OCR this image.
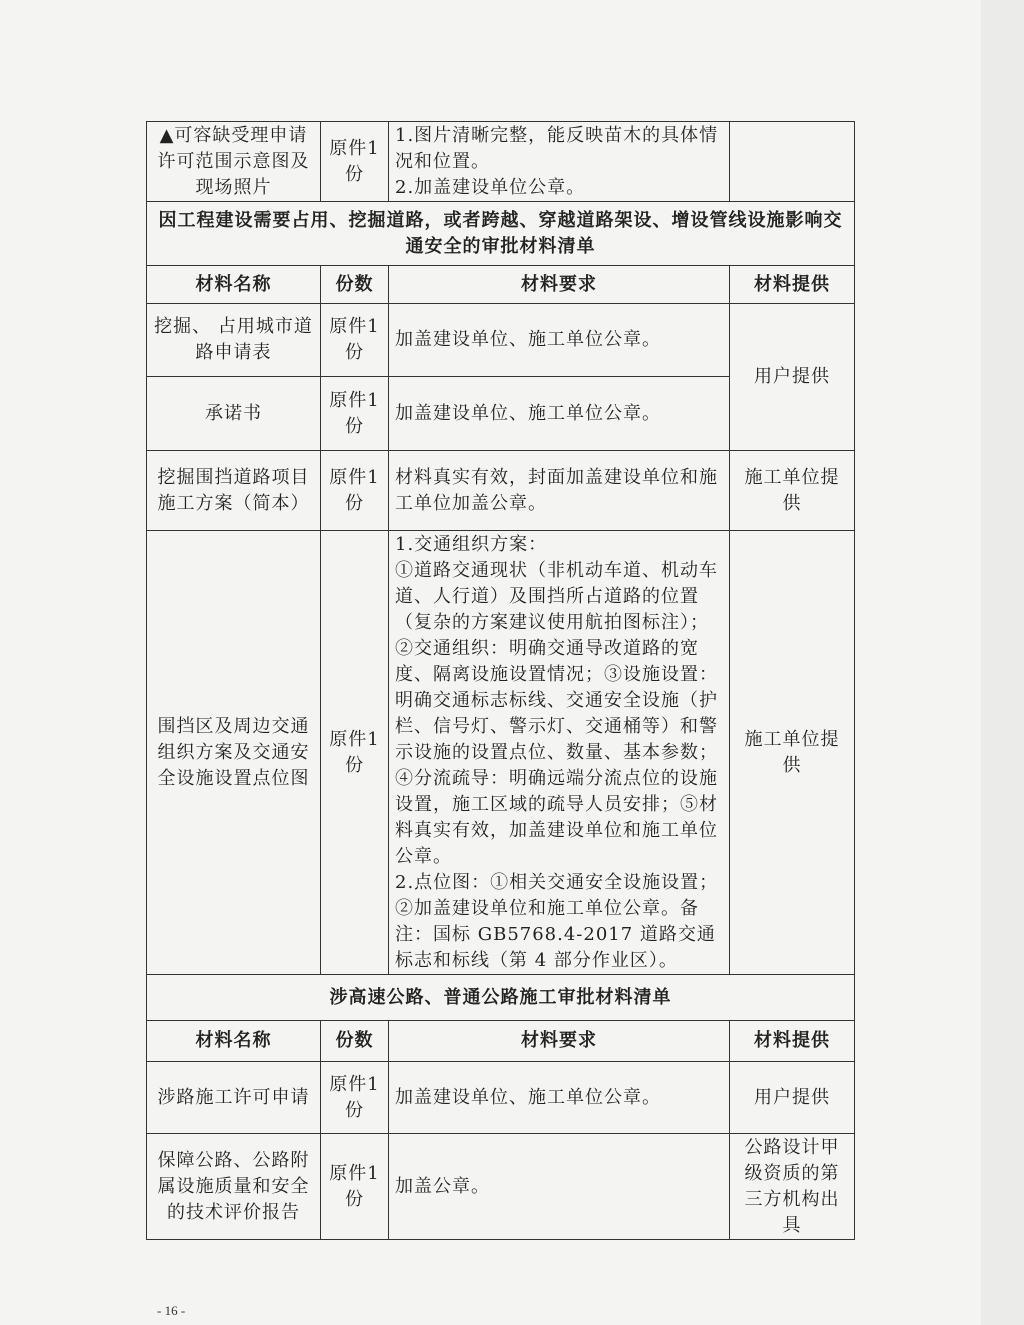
▲可容缺受理申请许可范围示意图及现场照片	原件1份	1.图片清晰完整，能反映苗木的具体情况和位置。
2.加盖建设单位公章。	

因工程建设需要占用、挖掘道路，或者跨越、穿越道路架设、增设管线设施影响交通安全的审批材料清单			
材料名称	份数	材料要求	材料提供
挖掘、 占用城市道路申请表	原件1份	加盖建设单位、施工单位公章。	用户提供
承诺书	原件1份	加盖建设单位、施工单位公章。	
挖掘围挡道路项目施工方案（简本）	原件1份	材料真实有效，封面加盖建设单位和施工单位加盖公章。	施工单位提供
围挡区及周边交通组织方案及交通安全设施设置点位图	原件1份	1.交通组织方案：
①道路交通现状（非机动车道、机动车道、人行道）及围挡所占道路的位置（复杂的方案建议使用航拍图标注）；②交通组织：明确交通导改道路的宽度、隔离设施设置情况；③设施设置：明确交通标志标线、交通安全设施（护栏、信号灯、警示灯、交通桶等）和警示设施的设置点位、数量、基本参数；④分流疏导：明确远端分流点位的设施设置，施工区域的疏导人员安排；⑤材料真实有效，加盖建设单位和施工单位公章。
2.点位图：①相关交通安全设施设置；②加盖建设单位和施工单位公章。备注：国标 GB5768.4-2017 道路交通标志和标线（第 4 部分作业区）。	施工单位提供
涉高速公路、普通公路施工审批材料清单			
材料名称	份数	材料要求	材料提供
涉路施工许可申请	原件1份	加盖建设单位、施工单位公章。	用户提供
保障公路、公路附属设施质量和安全的技术评价报告	原件1份	加盖公章。	公路设计甲级资质的第三方机构出具
- 16 -
